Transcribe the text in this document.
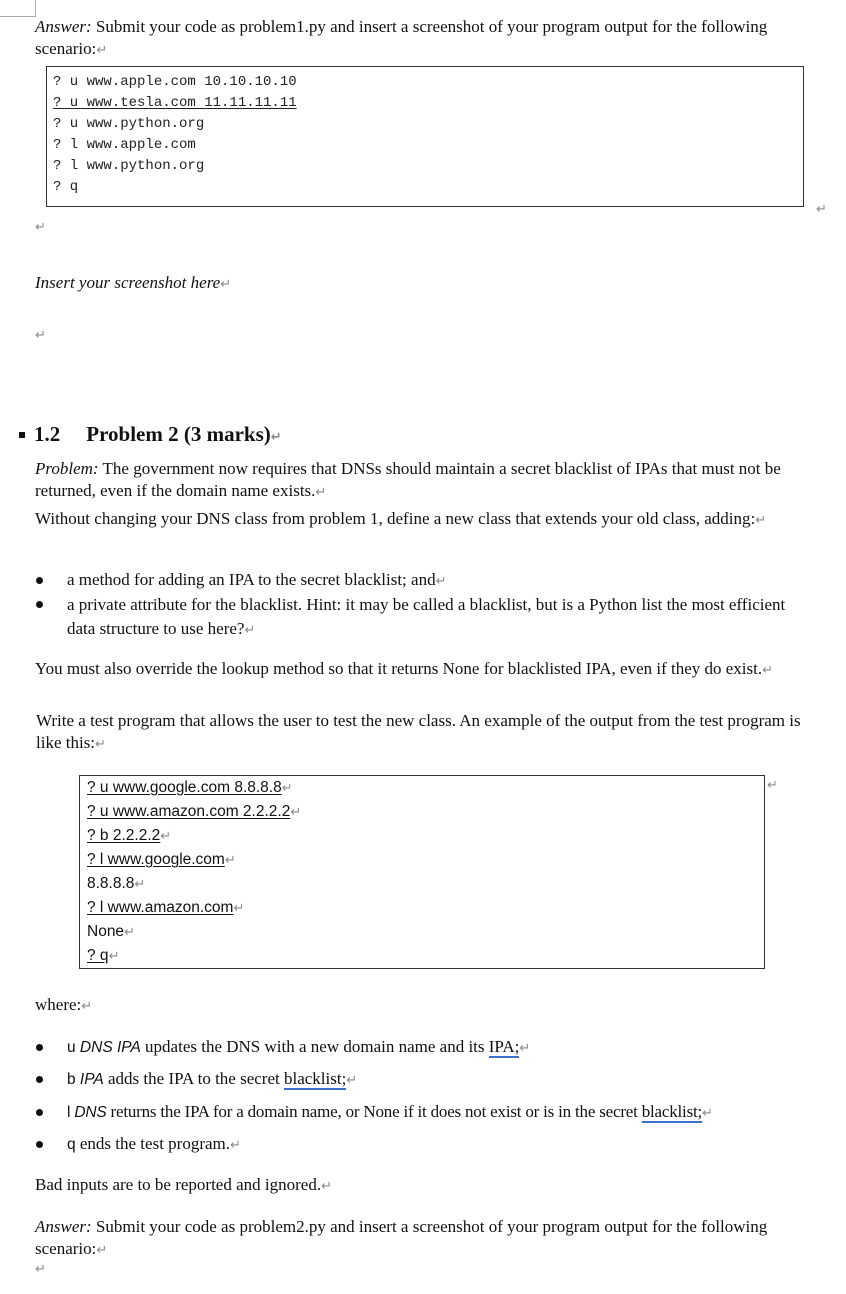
Answer: Submit your code as problem1.py and insert a screenshot of your program output for the following scenario:↵
? u www.apple.com 10.10.10.10
? u www.tesla.com 11.11.11.11
? u www.python.org
? l www.apple.com
? l www.python.org
? q
↵
↵
Insert your screenshot here↵
↵
1.2 Problem 2 (3 marks)↵
Problem: The government now requires that DNSs should maintain a secret blacklist of IPAs that must not be returned, even if the domain name exists.↵
Without changing your DNS class from problem 1, define a new class that extends your old class, adding:↵
a method for adding an IPA to the secret blacklist; and↵
a private attribute for the blacklist. Hint: it may be called a blacklist, but is a Python list the most efficient data structure to use here?↵
You must also override the lookup method so that it returns None for blacklisted IPA, even if they do exist.↵
Write a test program that allows the user to test the new class. An example of the output from the test program is like this:↵
? u www.google.com 8.8.8.8↵
? u www.amazon.com 2.2.2.2↵
? b 2.2.2.2↵
? l www.google.com↵
8.8.8.8↵
? l www.amazon.com↵
None↵
? q↵
↵
where:↵
u DNS IPA updates the DNS with a new domain name and its IPA;↵
b IPA adds the IPA to the secret blacklist;↵
l DNS returns the IPA for a domain name, or None if it does not exist or is in the secret blacklist;↵
q ends the test program.↵
Bad inputs are to be reported and ignored.↵
Answer: Submit your code as problem2.py and insert a screenshot of your program output for the following scenario:↵
↵
